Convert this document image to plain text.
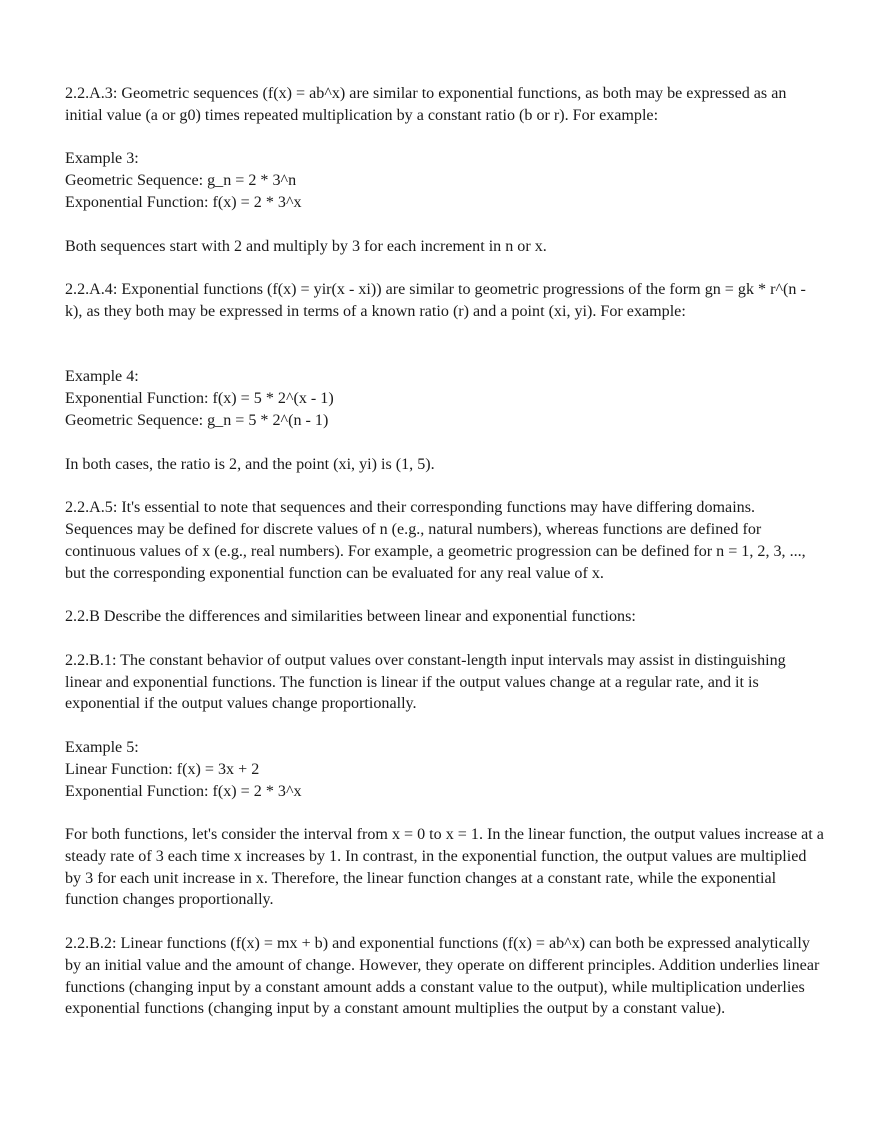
2.2.A.3: Geometric sequences (f(x) = ab^x) are similar to exponential functions, as both may be expressed as an initial value (a or g0) times repeated multiplication by a constant ratio (b or r). For example:

Example 3:

Geometric Sequence: g_n = 2 * 3^n

Exponential Function: f(x) = 2 * 3^x

Both sequences start with 2 and multiply by 3 for each increment in n or x.

2.2.A.4: Exponential functions (f(x) = yir(x - xi)) are similar to geometric progressions of the form gn = gk * r^(n - k), as they both may be expressed in terms of a known ratio (r) and a point (xi, yi). For example:

Example 4:

Exponential Function: f(x) = 5 * 2^(x - 1)

Geometric Sequence: g_n = 5 * 2^(n - 1)

In both cases, the ratio is 2, and the point (xi, yi) is (1, 5).

2.2.A.5: It's essential to note that sequences and their corresponding functions may have differing domains. Sequences may be defined for discrete values of n (e.g., natural numbers), whereas functions are defined for continuous values of x (e.g., real numbers). For example, a geometric progression can be defined for n = 1, 2, 3, ..., but the corresponding exponential function can be evaluated for any real value of x.

2.2.B Describe the differences and similarities between linear and exponential functions:

2.2.B.1: The constant behavior of output values over constant-length input intervals may assist in distinguishing linear and exponential functions. The function is linear if the output values change at a regular rate, and it is exponential if the output values change proportionally.

Example 5:

Linear Function: f(x) = 3x + 2

Exponential Function: f(x) = 2 * 3^x

For both functions, let's consider the interval from x = 0 to x = 1. In the linear function, the output values increase at a steady rate of 3 each time x increases by 1. In contrast, in the exponential function, the output values are multiplied by 3 for each unit increase in x. Therefore, the linear function changes at a constant rate, while the exponential function changes proportionally.

2.2.B.2: Linear functions (f(x) = mx + b) and exponential functions (f(x) = ab^x) can both be expressed analytically by an initial value and the amount of change. However, they operate on different principles. Addition underlies linear functions (changing input by a constant amount adds a constant value to the output), while multiplication underlies exponential functions (changing input by a constant amount multiplies the output by a constant value).
